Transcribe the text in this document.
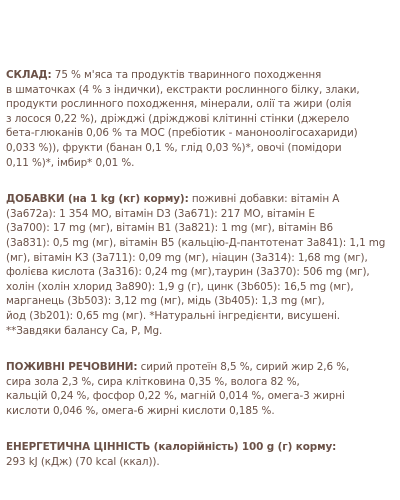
СКЛАД: 75 % м'яса та продуктів тваринного походження

в шматочках (4 % з індички), екстракти рослинного білку, злаки,

продукти рослинного походження, мінерали, олії та жири (олія

з лосося 0,22 %), дріжджі (дріжджові клітинні стінки (джерело

бета-глюканів 0,06 % та МОС (пребіотик - маноноолігосахариди)

0,033 %)), фрукти (банан 0,1 %, глід 0,03 %)*, овочі (помідори

0,11 %)*, імбир* 0,01 %.

ДОБАВКИ (на 1 kg (кг) корму): поживні добавки: вітамін А

(3а672а): 1 354 МО, вітамін D3 (3а671): 217 МО, вітамін Е

(3а700): 17 mg (мг), вітамін В1 (3а821): 1 mg (мг), вітамін В6

(3а831): 0,5 mg (мг), вітамін В5 (кальцію-Д-пантотенат 3а841): 1,1 mg

(мг), вітамін К3 (3а711): 0,09 mg (мг), ніацин (3а314): 1,68 mg (мг),

фолієва кислота (3а316): 0,24 mg (мг),таурин (3а370): 506 mg (мг),

холін (холін хлорид 3а890): 1,9 g (г), цинк (3b605): 16,5 mg (мг),

марганець (3b503): 3,12 mg (мг), мідь (3b405): 1,3 mg (мг),

йод (3b201): 0,65 mg (мг). *Натуральні інгредієнти, висушені.

**Завдяки балансу Ca, P, Mg.

ПОЖИВНІ РЕЧОВИНИ: сирий протеїн 8,5 %, сирий жир 2,6 %,

сира зола 2,3 %, сира клітковина 0,35 %, волога 82 %,

кальцій 0,24 %, фосфор 0,22 %, магній 0,014 %, омега-3 жирні

кислоти 0,046 %, омега-6 жирні кислоти 0,185 %.

ЕНЕРГЕТИЧНА ЦІННІСТЬ (калорійність) 100 g (г) корму:

293 kJ (кДж) (70 kcal (ккал)).
